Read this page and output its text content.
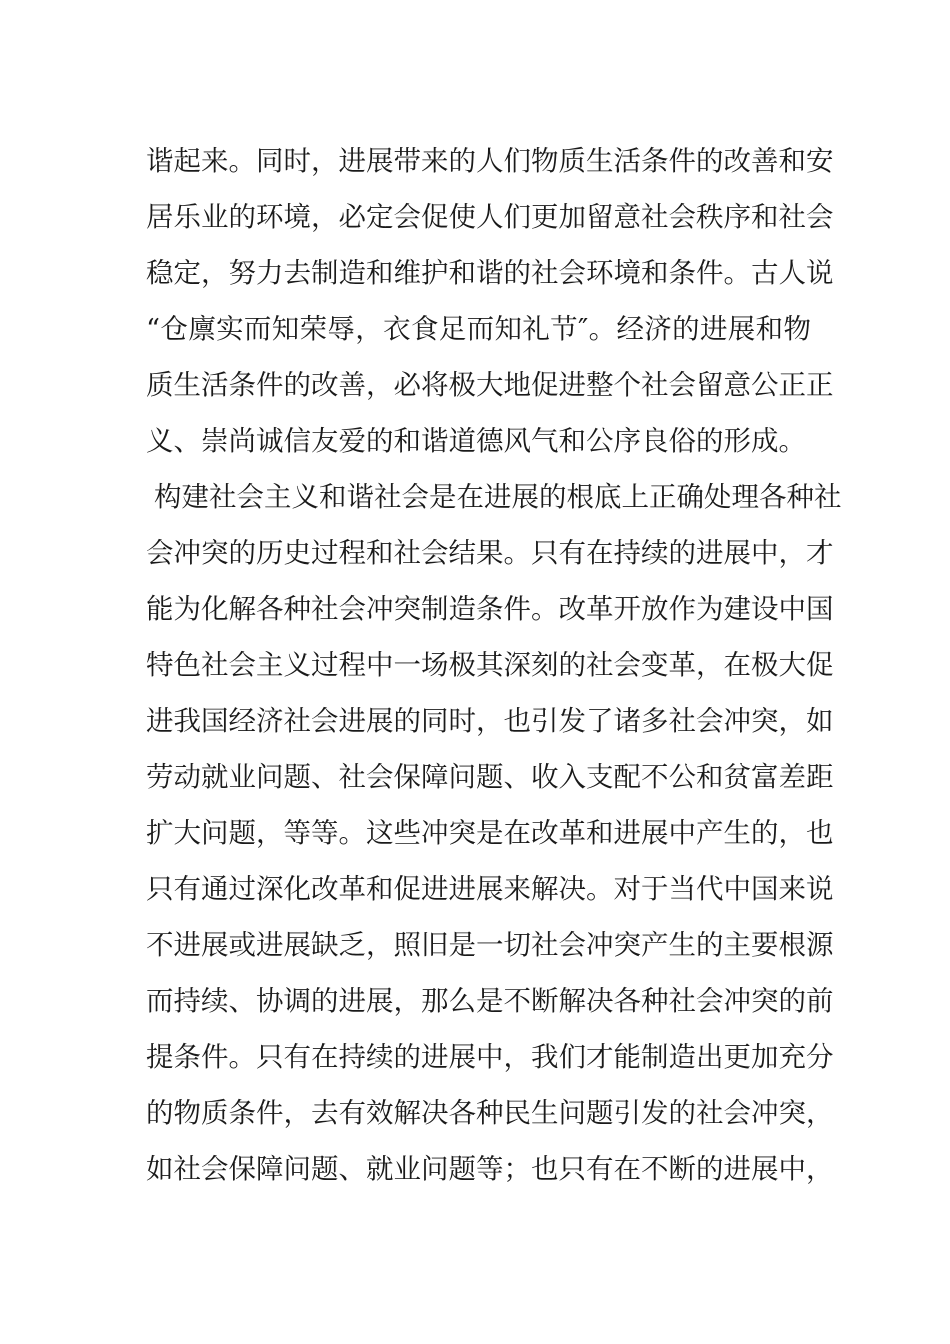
谐起来。同时，进展带来的人们物质生活条件的改善和安
居乐业的环境，必定会促使人们更加留意社会秩序和社会
稳定，努力去制造和维护和谐的社会环境和条件。古人说
“仓廪实而知荣辱，衣食足而知礼节″。经济的进展和物
质生活条件的改善，必将极大地促进整个社会留意公正正
义、崇尚诚信友爱的和谐道德风气和公序良俗的形成。
构建社会主义和谐社会是在进展的根底上正确处理各种社
会冲突的历史过程和社会结果。只有在持续的进展中，才
能为化解各种社会冲突制造条件。改革开放作为建设中国
特色社会主义过程中一场极其深刻的社会变革，在极大促
进我国经济社会进展的同时，也引发了诸多社会冲突，如
劳动就业问题、社会保障问题、收入支配不公和贫富差距
扩大问题，等等。这些冲突是在改革和进展中产生的，也
只有通过深化改革和促进进展来解决。对于当代中国来说
不进展或进展缺乏，照旧是一切社会冲突产生的主要根源
而持续、协调的进展，那么是不断解决各种社会冲突的前
提条件。只有在持续的进展中，我们才能制造出更加充分
的物质条件，去有效解决各种民生问题引发的社会冲突，
如社会保障问题、就业问题等；也只有在不断的进展中，
